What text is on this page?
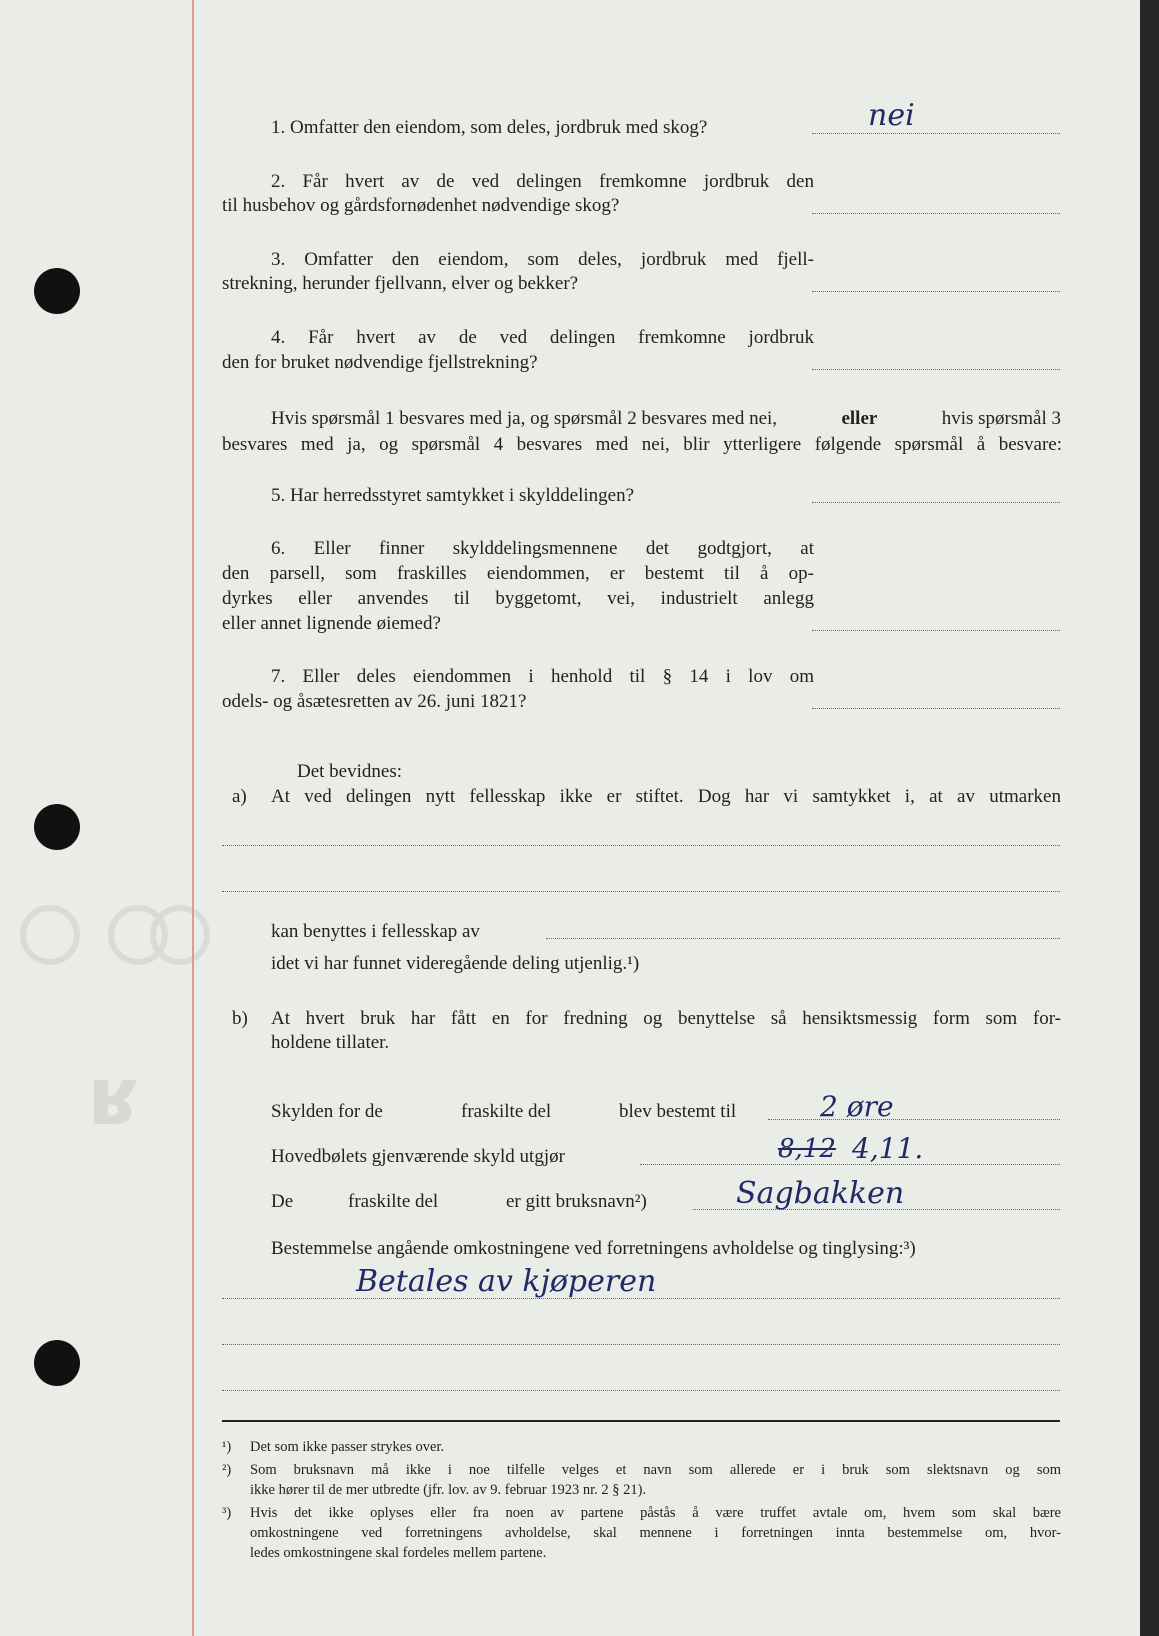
ʁ
1. Omfatter den eiendom, som deles, jordbruk med skog?	nei
2. Får hvert av de ved delingen fremkomne jordbruk den
til husbehov og gårdsfornødenhet nødvendige skog?
3. Omfatter den eiendom, som deles, jordbruk med fjell-
strekning, herunder fjellvann, elver og bekker?
4. Får hvert av de ved delingen fremkomne jordbruk
den for bruket nødvendige fjellstrekning?
Hvis spørsmål 1 besvares med ja, og spørsmål 2 besvares med nei,	eller	hvis spørsmål 3
besvares med ja, og spørsmål 4 besvares med nei, blir ytterligere følgende spørsmål å besvare:
5. Har herredsstyret samtykket i skylddelingen?
6. Eller finner skylddelingsmennene det godtgjort, at
den parsell, som fraskilles eiendommen, er bestemt til å op-
dyrkes eller anvendes til byggetomt, vei, industrielt anlegg
eller annet lignende øiemed?
7. Eller deles eiendommen i henhold til § 14 i lov om
odels- og åsætesretten av 26. juni 1821?
Det bevidnes:
a) At ved delingen nytt fellesskap ikke er stiftet. Dog har vi samtykket i, at av utmarken
kan benyttes i fellesskap av
idet vi har funnet videregående deling utjenlig.¹)
b) At hvert bruk har fått en for fredning og benyttelse så hensiktsmessig form som for-
holdene tillater.
Skylden for de	fraskilte del	blev bestemt til	2 øre
Hovedbølets gjenværende skyld utgjør	8,12 4,11.
De	fraskilte del	er gitt bruksnavn²)	Sagbakken
Bestemmelse angående omkostningene ved forretningens avholdelse og tinglysing:³)
Betales av kjøperen
¹) Det som ikke passer strykes over.
²) Som bruksnavn må ikke i noe tilfelle velges et navn som allerede er i bruk som slektsnavn og som
ikke hører til de mer utbredte (jfr. lov. av 9. februar 1923 nr. 2 § 21).
³) Hvis det ikke oplyses eller fra noen av partene påstås å være truffet avtale om, hvem som skal bære
omkostningene ved forretningens avholdelse, skal mennene i forretningen innta bestemmelse om, hvor-
ledes omkostningene skal fordeles mellem partene.
